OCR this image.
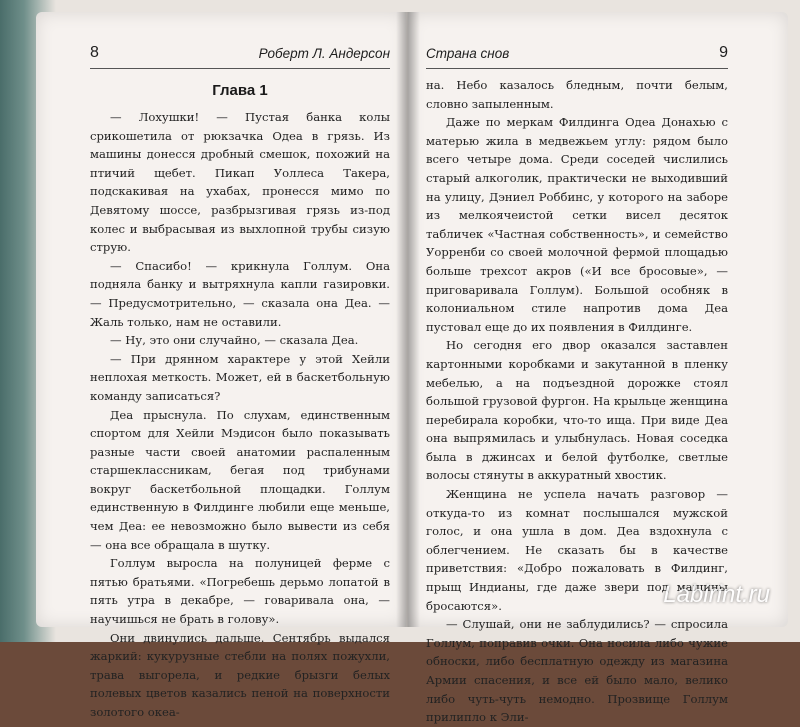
8	Роберт Л. Андерсон
Глава 1

— Лохушки! — Пустая банка колы срикошетила от рюкзачка Одеа в грязь. Из машины донесся дробный смешок, похожий на птичий щебет. Пикап Уоллеса Такера, подскакивая на ухабах, пронесся мимо по Девятому шоссе, разбрызгивая грязь из-под колес и выбрасывая из выхлопной трубы сизую струю.

— Спасибо! — крикнула Голлум. Она подняла банку и вытряхнула капли газировки. — Предусмотрительно, — сказала она Деа. — Жаль только, нам не оставили.

— Ну, это они случайно, — сказала Деа.

— При дрянном характере у этой Хейли неплохая меткость. Может, ей в баскетбольную команду записаться?

Деа прыснула. По слухам, единственным спортом для Хейли Мэдисон было показывать разные части своей анатомии распаленным старшеклассникам, бегая под трибунами вокруг баскетбольной площадки. Голлум единственную в Филдинге любили еще меньше, чем Деа: ее невозможно было вывести из себя — она все обращала в шутку.

Голлум выросла на полуницей ферме с пятью братьями. «Погребешь дерьмо лопатой в пять утра в декабре, — говаривала она, — научишься не брать в голову».

Они двинулись дальше. Сентябрь выдался жаркий: кукурузные стебли на полях пожухли, трава выгорела, и редкие брызги белых полевых цветов казались пеной на поверхности золотого океа-

Страна снов	9

на. Небо казалось бледным, почти белым, словно запыленным.

Даже по меркам Филдинга Одеа Донахью с матерью жила в медвежьем углу: рядом было всего четыре дома. Среди соседей числились старый алкоголик, практически не выходивший на улицу, Дэниел Роббинс, у которого на заборе из мелкоячеистой сетки висел десяток табличек «Частная собственность», и семейство Уорренби со своей молочной фермой площадью больше трехсот акров («И все бросовые», — приговаривала Голлум). Большой особняк в колониальном стиле напротив дома Деа пустовал еще до их появления в Филдинге.

Но сегодня его двор оказался заставлен картонными коробками и закутанной в пленку мебелью, а на подъездной дорожке стоял большой грузовой фургон. На крыльце женщина перебирала коробки, что-то ища. При виде Деа она выпрямилась и улыбнулась. Новая соседка была в джинсах и белой футболке, светлые волосы стянуты в аккуратный хвостик.

Женщина не успела начать разговор — откуда-то из комнат послышался мужской голос, и она ушла в дом. Деа вздохнула с облегчением. Не сказать бы в качестве приветствия: «Добро пожаловать в Филдинг, прыщ Индианы, где даже звери под машины бросаются».

— Слушай, они не заблудились? — спросила Голлум, поправив очки. Она носила либо чужие обноски, либо бесплатную одежду из магазина Армии спасения, и все ей было мало, велико либо чуть-чуть немодно. Прозвище Голлум прилипло к Эли-

Labirint.ru
